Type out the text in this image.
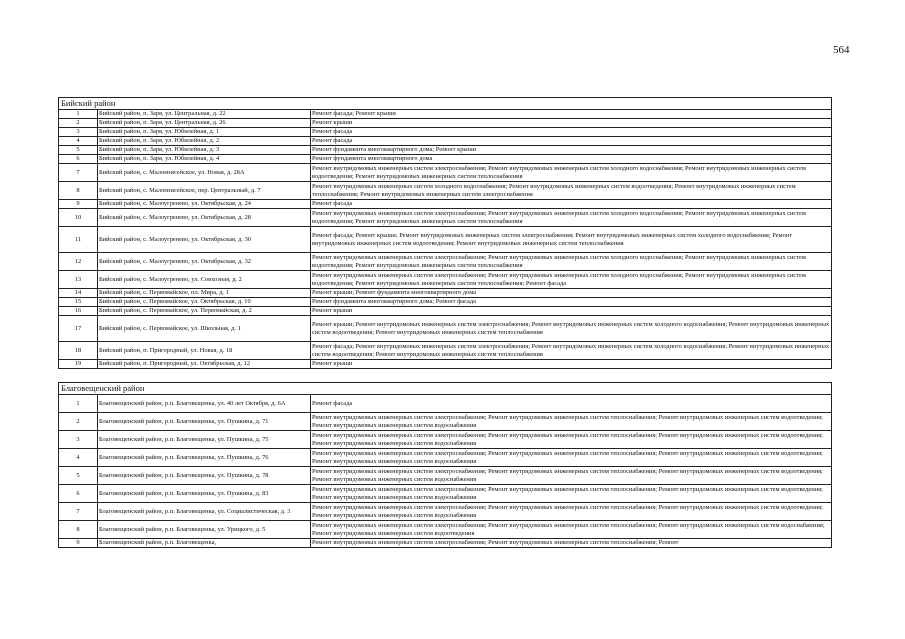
564
Бийский район
1	Бийский район, п. Заря, ул. Центральная, д. 22	Ремонт фасада; Ремонт крыши
2	Бийский район, п. Заря, ул. Центральная, д. 26	Ремонт крыши
3	Бийский район, п. Заря, ул. Юбилейная, д. 1	Ремонт фасада
4	Бийский район, п. Заря, ул. Юбилейная, д. 2	Ремонт фасада
5	Бийский район, п. Заря, ул. Юбилейная, д. 3	Ремонт фундамента многоквартирного дома; Ремонт крыши
6	Бийский район, п. Заря, ул. Юбилейная, д. 4	Ремонт фундамента многоквартирного дома
7	Бийский район, с. Малоенисейское, ул. Новая, д. 28А	Ремонт внутридомовых инженерных систем электроснабжения; Ремонт внутридомовых инженерных систем холодного водоснабжения; Ремонт внутридомовых инженерных систем водоотведения; Ремонт внутридомовых инженерных систем теплоснабжения
8	Бийский район, с. Малоенисейское, пер. Центральный, д. 7	Ремонт внутридомовых инженерных систем холодного водоснабжения; Ремонт внутридомовых инженерных систем водоотведения; Ремонт внутридомовых инженерных систем теплоснабжения; Ремонт внутридомовых инженерных систем электроснабжения
9	Бийский район, с. Малоугренево, ул. Октябрьская, д. 24	Ремонт фасада
10	Бийский район, с. Малоугренево, ул. Октябрьская, д. 28	Ремонт внутридомовых инженерных систем электроснабжения; Ремонт внутридомовых инженерных систем холодного водоснабжения; Ремонт внутридомовых инженерных систем водоотведения; Ремонт внутридомовых инженерных систем теплоснабжения
11	Бийский район, с. Малоугренево, ул. Октябрьская, д. 30	Ремонт фасада; Ремонт крыши; Ремонт внутридомовых инженерных систем электроснабжения; Ремонт внутридомовых инженерных систем холодного водоснабжения; Ремонт внутридомовых инженерных систем водоотведения; Ремонт внутридомовых инженерных систем теплоснабжения
12	Бийский район, с. Малоугренево, ул. Октябрьская, д. 32	Ремонт внутридомовых инженерных систем электроснабжения; Ремонт внутридомовых инженерных систем холодного водоснабжения; Ремонт внутридомовых инженерных систем водоотведения; Ремонт внутридомовых инженерных систем теплоснабжения
13	Бийский район, с. Малоугренево, ул. Совхозная, д. 2	Ремонт внутридомовых инженерных систем электроснабжения; Ремонт внутридомовых инженерных систем холодного водоснабжения; Ремонт внутридомовых инженерных систем водоотведения; Ремонт внутридомовых инженерных систем теплоснабжения; Ремонт фасада
14	Бийский район, с. Первомайское, пл. Мира, д. 1	Ремонт крыши; Ремонт фундамента многоквартирного дома
15	Бийский район, с. Первомайское, ул. Октябрьская, д. 10	Ремонт фундамента многоквартирного дома; Ремонт фасада
16	Бийский район, с. Первомайское, ул. Первомайская, д. 2	Ремонт крыши
17	Бийский район, с. Первомайское, ул. Школьная, д. 1	Ремонт крыши; Ремонт внутридомовых инженерных систем электроснабжения; Ремонт внутридомовых инженерных систем холодного водоснабжения; Ремонт внутридомовых инженерных систем водоотведения; Ремонт внутридомовых инженерных систем теплоснабжения
18	Бийский район, п. Пригородный, ул. Новая, д. 18	Ремонт фасада; Ремонт внутридомовых инженерных систем электроснабжения; Ремонт внутридомовых инженерных систем холодного водоснабжения; Ремонт внутридомовых инженерных систем водоотведения; Ремонт внутридомовых инженерных систем теплоснабжения
19	Бийский район, п. Пригородный, ул. Октябрьская, д. 12	Ремонт крыши
Благовещенский район
1	Благовещенский район, р.п. Благовещенка, ул. 40 лет Октября, д. 6А	Ремонт фасада
2	Благовещенский район, р.п. Благовещенка, ул. Пушкина, д. 71	Ремонт внутридомовых инженерных систем электроснабжения; Ремонт внутридомовых инженерных систем теплоснабжения; Ремонт внутридомовых инженерных систем водоотведения; Ремонт внутридомовых инженерных систем водоснабжения
3	Благовещенский район, р.п. Благовещенка, ул. Пушкина, д. 75	Ремонт внутридомовых инженерных систем электроснабжения; Ремонт внутридомовых инженерных систем теплоснабжения; Ремонт внутридомовых инженерных систем водоотведения; Ремонт внутридомовых инженерных систем водоснабжения
4	Благовещенский район, р.п. Благовещенка, ул. Пушкина, д. 76	Ремонт внутридомовых инженерных систем электроснабжения; Ремонт внутридомовых инженерных систем теплоснабжения; Ремонт внутридомовых инженерных систем водоотведения; Ремонт внутридомовых инженерных систем водоснабжения
5	Благовещенский район, р.п. Благовещенка, ул. Пушкина, д. 78	Ремонт внутридомовых инженерных систем электроснабжения; Ремонт внутридомовых инженерных систем теплоснабжения; Ремонт внутридомовых инженерных систем водоотведения; Ремонт внутридомовых инженерных систем водоснабжения
6	Благовещенский район, р.п. Благовещенка, ул. Пушкина, д. 83	Ремонт внутридомовых инженерных систем электроснабжения; Ремонт внутридомовых инженерных систем теплоснабжения; Ремонт внутридомовых инженерных систем водоотведения; Ремонт внутридомовых инженерных систем водоснабжения
7	Благовещенский район, р.п. Благовещенка, ул. Социалистическая, д. 3	Ремонт внутридомовых инженерных систем электроснабжения; Ремонт внутридомовых инженерных систем теплоснабжения; Ремонт внутридомовых инженерных систем водоотведения; Ремонт внутридомовых инженерных систем водоснабжения
8	Благовещенский район, р.п. Благовещенка, ул. Урицкого, д. 5	Ремонт внутридомовых инженерных систем электроснабжения; Ремонт внутридомовых инженерных систем теплоснабжения; Ремонт внутридомовых инженерных систем водоснабжения; Ремонт внутридомовых инженерных систем водоотведения
9	Благовещенский район, р.п. Благовещенка,	Ремонт внутридомовых инженерных систем электроснабжения; Ремонт внутридомовых инженерных систем теплоснабжения; Ремонт
